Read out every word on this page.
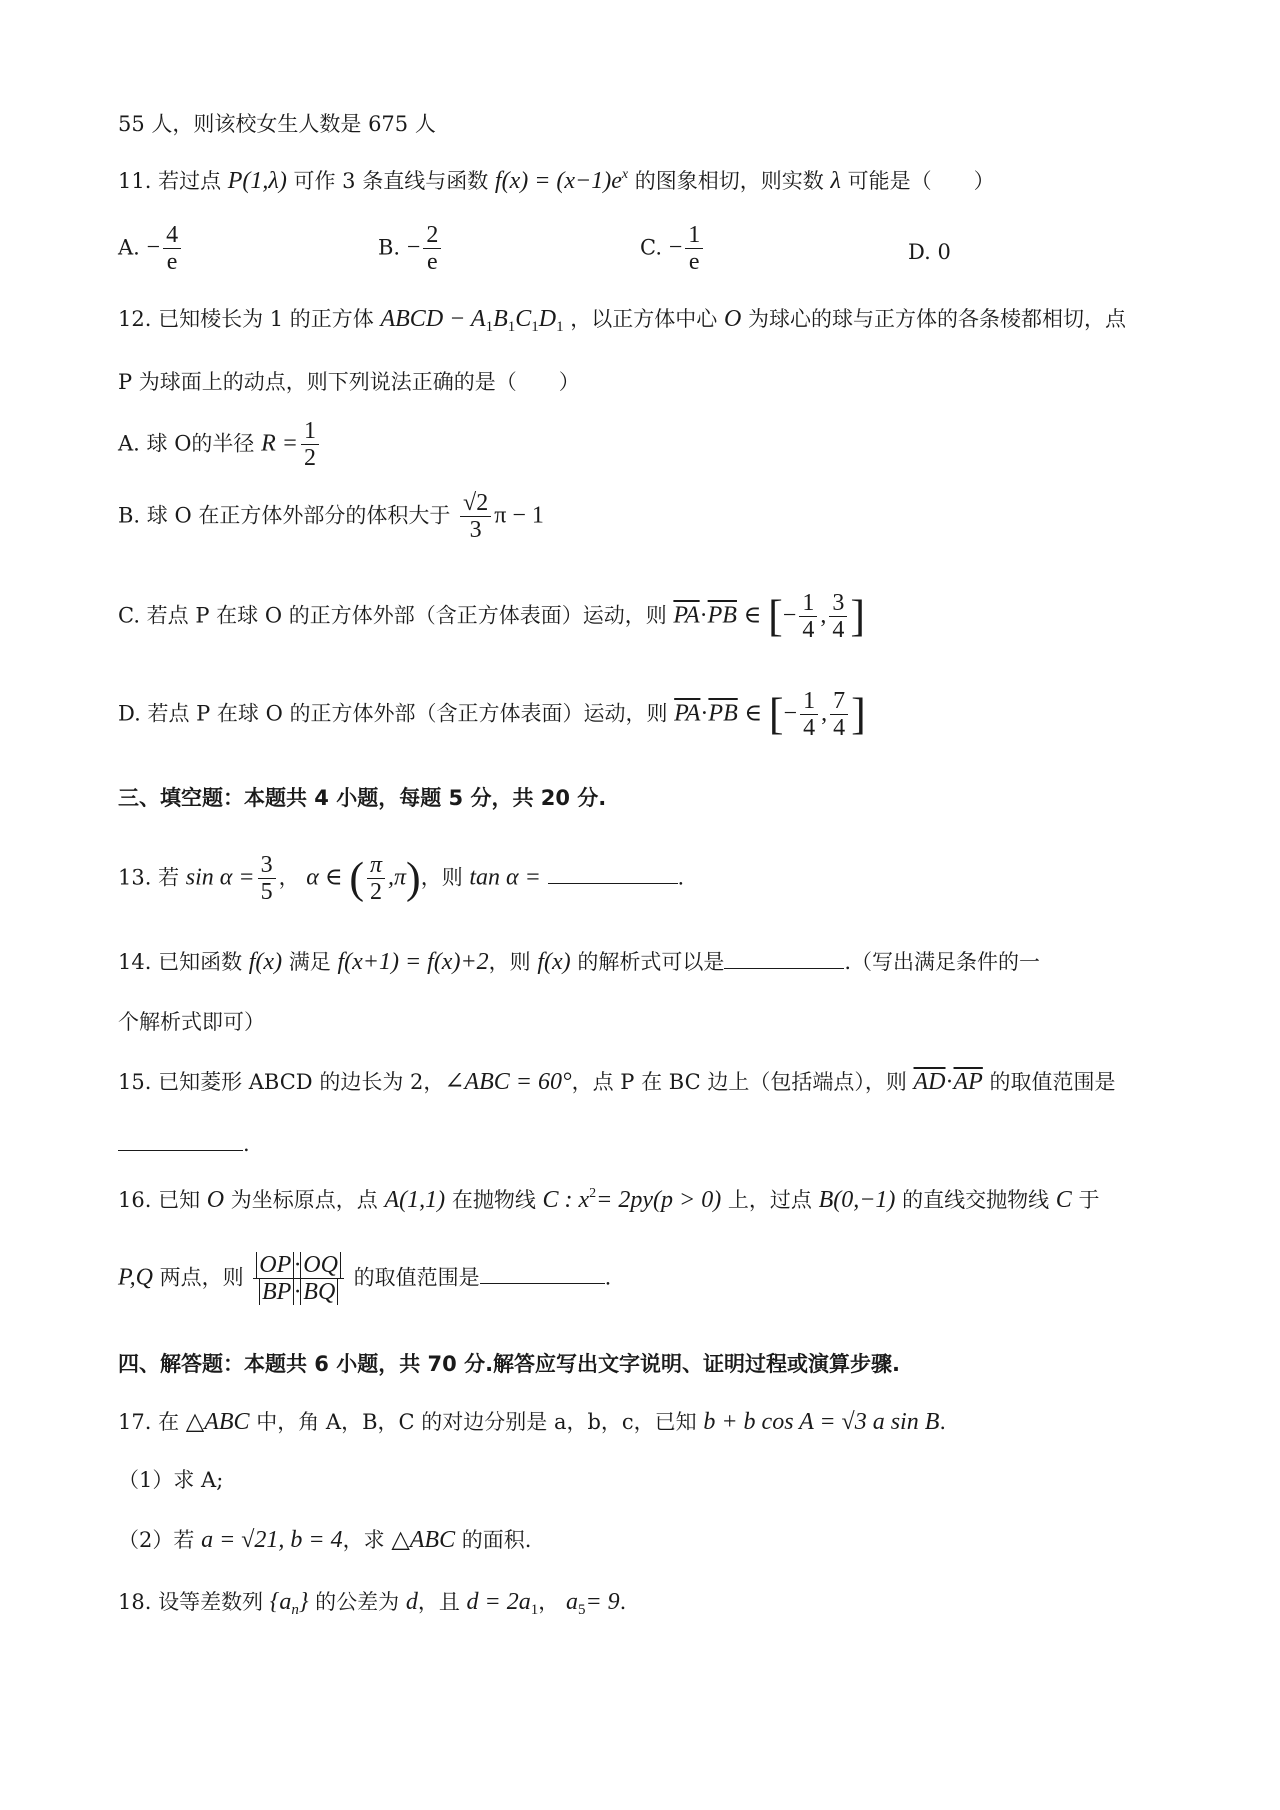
55 人，则该校女生人数是 675 人
11. 若过点 P(1,λ) 可作 3 条直线与函数 $f(x) = (x-1)e^x$ 的图象相切，则实数 λ 可能是（　　）
A. − $\frac{4}{e}$	B. − $\frac{2}{e}$	C. − $\frac{1}{e}$	D. 0
12. 已知棱长为 1 的正方体 ABCD − $A_1B_1C_1D_1$ ，以正方体中心 O 为球心的球与正方体的各条棱都相切，点
P 为球面上的动点，则下列说法正确的是（　　）
A. 球 O的半径 $R = \frac{1}{2}$
B. 球 O 在正方体外部分的体积大于 $\frac{√2}{3}$ π − 1
C. 若点 P 在球 O 的正方体外部（含正方体表面）运动，则 $\overline{PA}\cdot\overline{PB}$ ∈ [− $\frac{1}{4}$ , $\frac{3}{4}$ ]
D. 若点 P 在球 O 的正方体外部（含正方体表面）运动，则 $\overline{PA}\cdot\overline{PB}$ ∈ [− $\frac{1}{4}$ , $\frac{7}{4}$ ]
三、填空题：本题共 4 小题，每题 5 分，共 20 分.
13. 若 $\sin \alpha = \frac{3}{5}$ ， α ∈ ( $\frac{\pi}{2} ,\pi$)，则 tan α =	.
14. 已知函数 f(x) 满足 f(x+1) = f(x)+2，则 f(x) 的解析式可以是	.（写出满足条件的一
个解析式即可）
15. 已知菱形 ABCD 的边长为 2，∠ABC = 60°，点 P 在 BC 边上（包括端点），则 $\overline{AD}\cdot\overline{AP}$ 的取值范围是
.
16. 已知 O 为坐标原点，点 A(1,1) 在抛物线 C : $x^2= 2py(p > 0)$ 上，过点 B(0,−1) 的直线交抛物线 C 于
P,Q 两点，则 $\frac{OP \cdot OQ}{BP \cdot BQ}$ 的取值范围是	.
四、解答题：本题共 6 小题，共 70 分.解答应写出文字说明、证明过程或演算步骤.
17. 在 △ABC 中，角 A，B，C 的对边分别是 a，b，c，已知 b + b cos A = √3 a sin B.
（1）求 A;
（2）若 a = √21, b = 4，求 △ABC 的面积.
18. 设等差数列 $\{a_n\}$ 的公差为 d，且 $d = 2a_1$， $a_5= 9$.
